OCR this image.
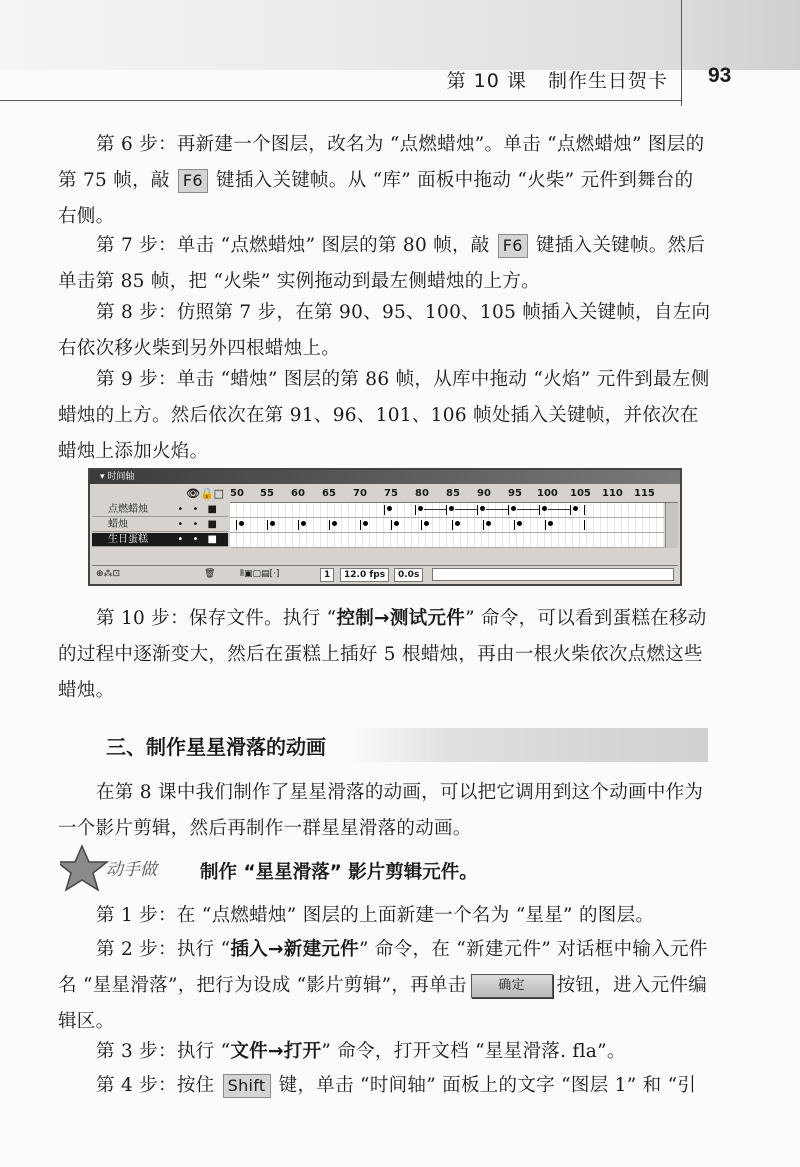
第 10 课 制作生日贺卡 93

第 6 步：再新建一个图层，改名为 “点燃蜡烛”。单击 “点燃蜡烛” 图层的第 75 帧，敲 F6 键插入关键帧。从 “库” 面板中拖动 “火柴” 元件到舞台的右侧。

第 7 步：单击 “点燃蜡烛” 图层的第 80 帧，敲 F6 键插入关键帧。然后单击第 85 帧，把 “火柴” 实例拖动到最左侧蜡烛的上方。

第 8 步：仿照第 7 步，在第 90、95、100、105 帧插入关键帧，自左向右依次移火柴到另外四根蜡烛上。

第 9 步：单击 “蜡烛” 图层的第 86 帧，从库中拖动 “火焰” 元件到最左侧蜡烛的上方。然后依次在第 91、96、101、106 帧处插入关键帧，并依次在蜡烛上添加火焰。

▾ 时间轴
👁🔒□ 50 55 60 65 70 75 80 85 90 95 100 105 110 115
点燃蜡烛	• • ■
蜡烛	• • ■
生日蛋糕	• • ■
⊕⁂⊡	🗑	⦀▣▢▤[·]	1	12.0 fps	0.0s

第 10 步：保存文件。执行 “控制→测试元件” 命令，可以看到蛋糕在移动的过程中逐渐变大，然后在蛋糕上插好 5 根蜡烛，再由一根火柴依次点燃这些蜡烛。

三、制作星星滑落的动画

在第 8 课中我们制作了星星滑落的动画，可以把它调用到这个动画中作为一个影片剪辑，然后再制作一群星星滑落的动画。

动手做 制作 “星星滑落” 影片剪辑元件。

第 1 步：在 “点燃蜡烛” 图层的上面新建一个名为 “星星” 的图层。

第 2 步：执行 “插入→新建元件” 命令，在 “新建元件” 对话框中输入元件名 “星星滑落”，把行为设成 “影片剪辑”，再单击 确定 按钮，进入元件编辑区。

第 3 步：执行 “文件→打开” 命令，打开文档 “星星滑落. fla”。

第 4 步：按住 Shift 键，单击 “时间轴” 面板上的文字 “图层 1” 和 “引
